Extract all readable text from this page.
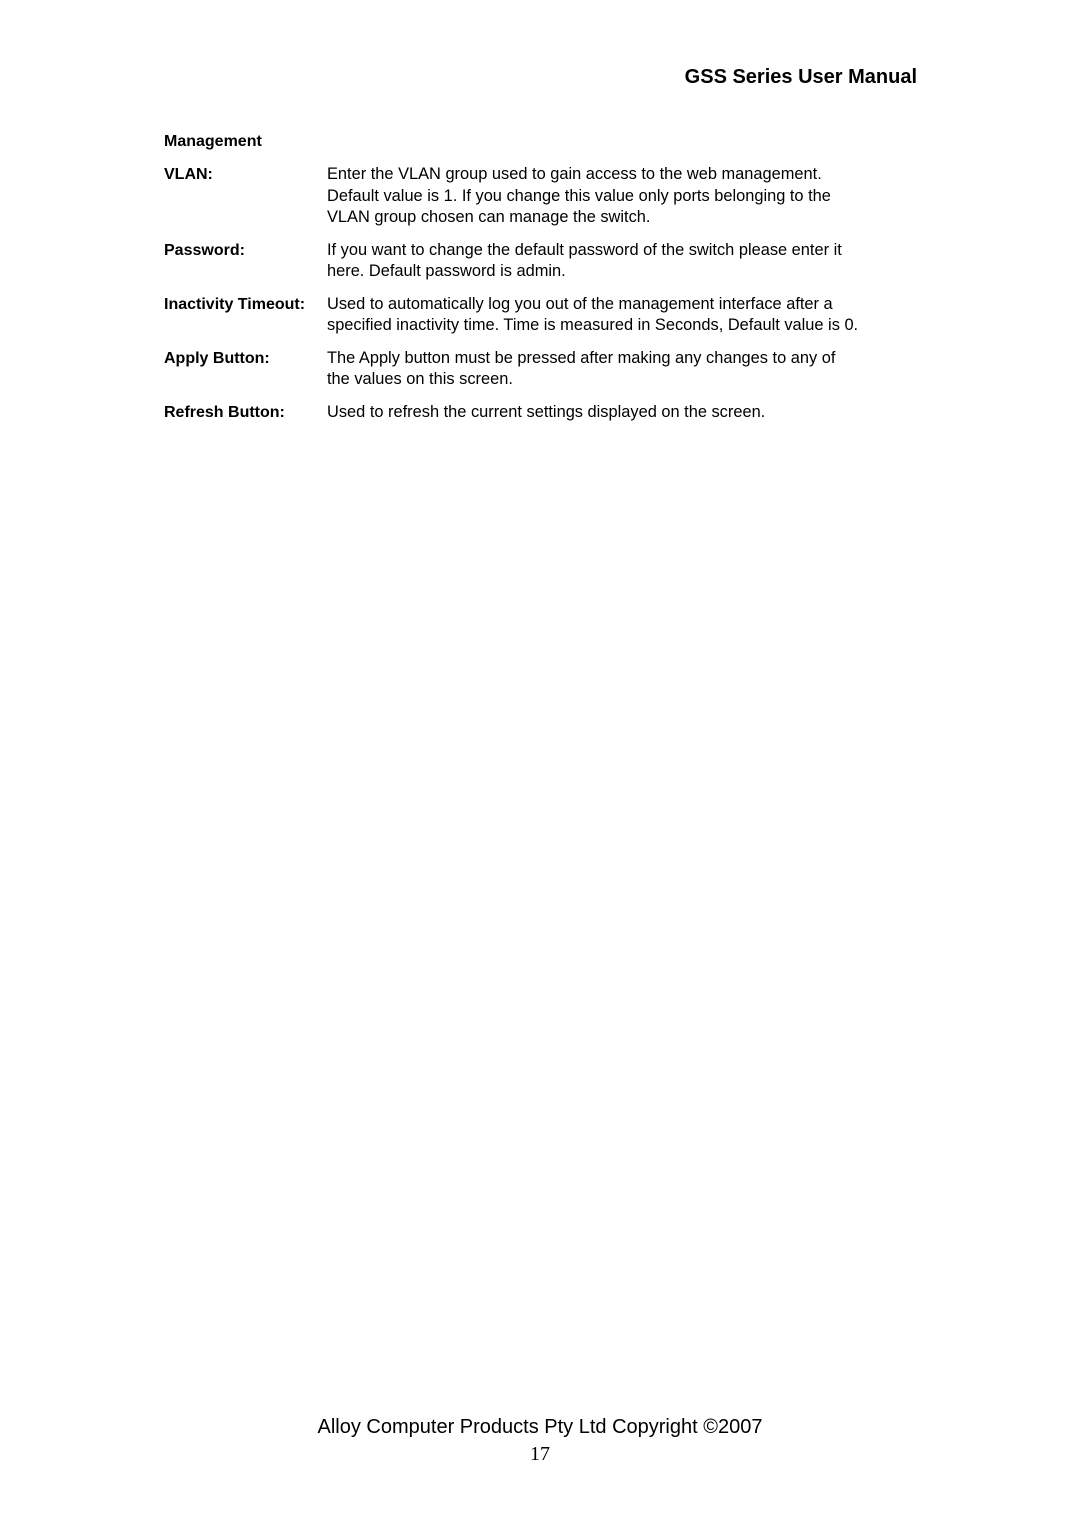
GSS Series User Manual
Management
VLAN:	Enter the VLAN group used to gain access to the web management.
Default value is 1. If you change this value only ports belonging to the
VLAN group chosen can manage the switch.
Password:	If you want to change the default password of the switch please enter it
here. Default password is admin.
Inactivity Timeout:	Used to automatically log you out of the management interface after a
specified inactivity time. Time is measured in Seconds, Default value is 0.
Apply Button:	The Apply button must be pressed after making any changes to any of
the values on this screen.
Refresh Button:	Used to refresh the current settings displayed on the screen.
Alloy Computer Products Pty Ltd Copyright ©2007
17
